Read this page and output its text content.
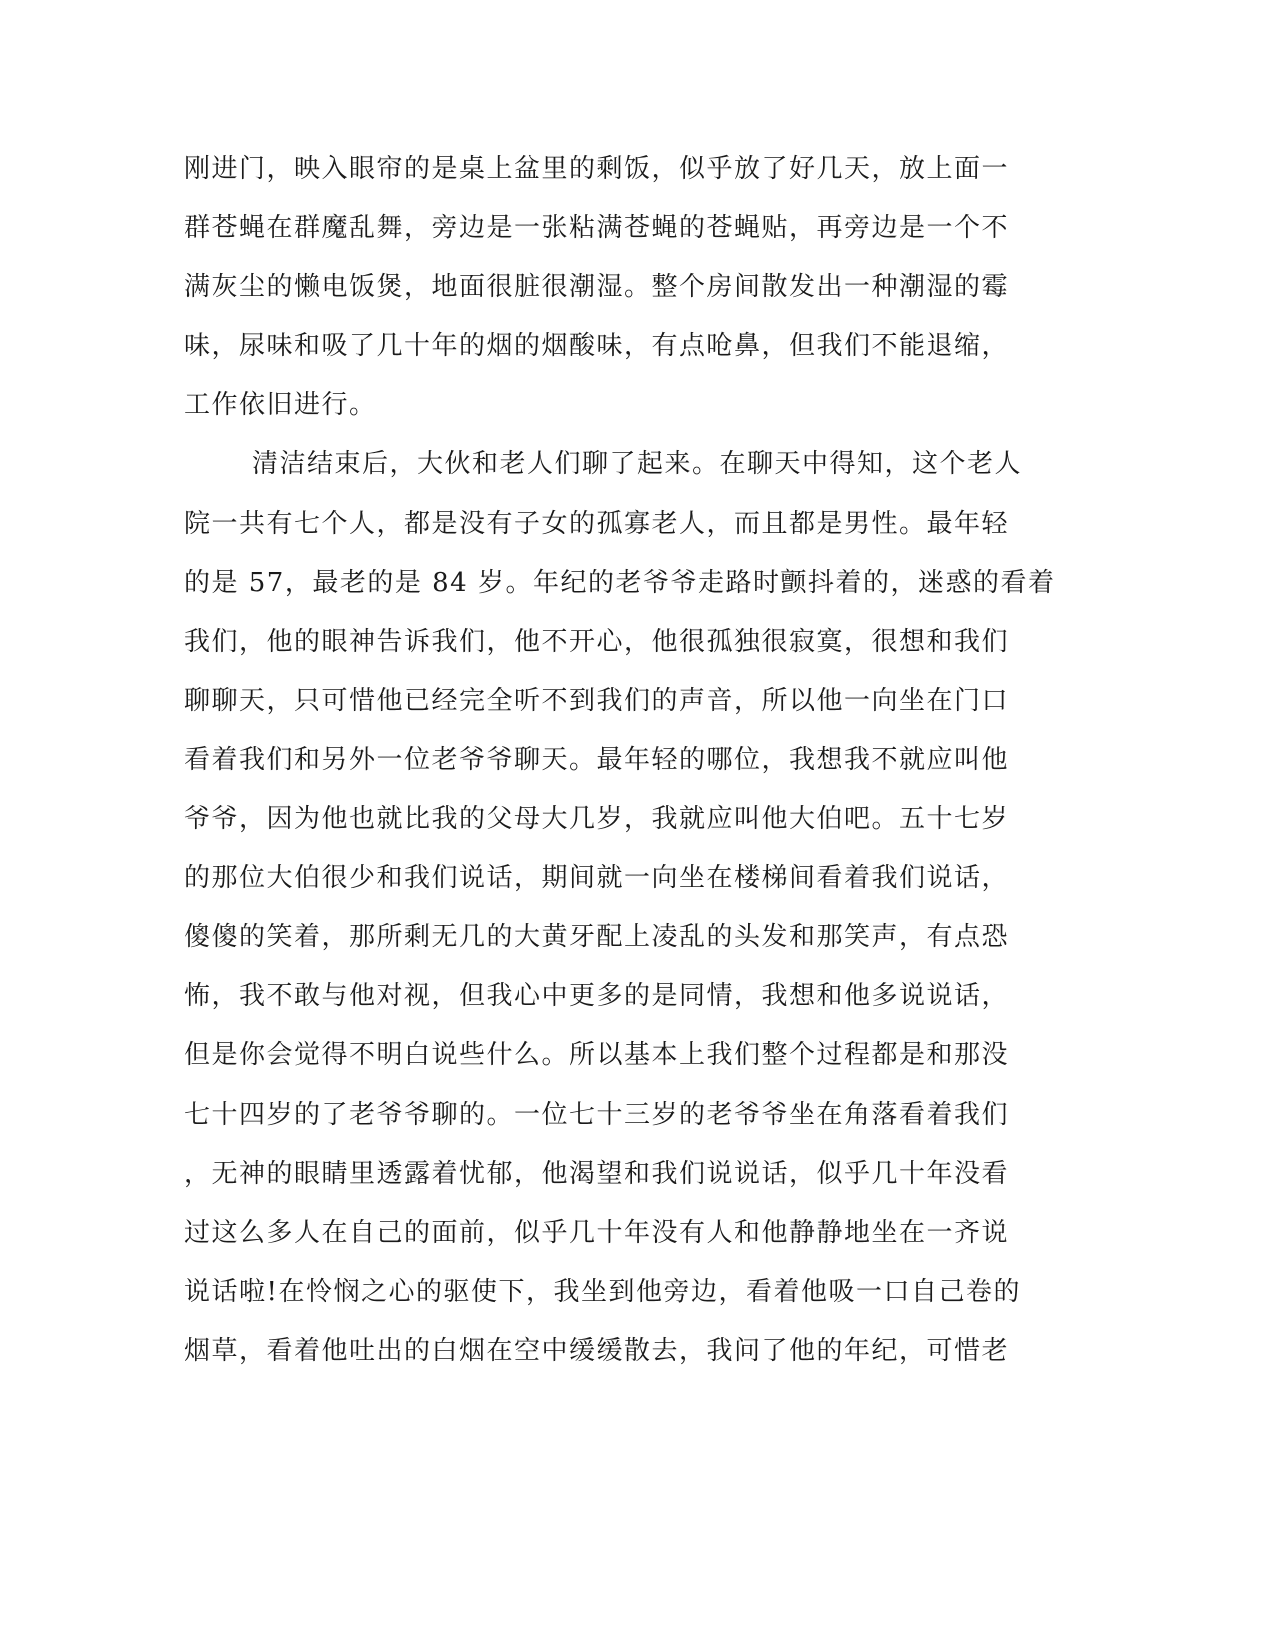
刚进门，映入眼帘的是桌上盆里的剩饭，似乎放了好几天，放上面一
群苍蝇在群魔乱舞，旁边是一张粘满苍蝇的苍蝇贴，再旁边是一个不
满灰尘的懒电饭煲，地面很脏很潮湿。整个房间散发出一种潮湿的霉
味，尿味和吸了几十年的烟的烟酸味，有点呛鼻，但我们不能退缩，
工作依旧进行。
清洁结束后，大伙和老人们聊了起来。在聊天中得知，这个老人
院一共有七个人，都是没有子女的孤寡老人，而且都是男性。最年轻
的是 57，最老的是 84 岁。年纪的老爷爷走路时颤抖着的，迷惑的看着
我们，他的眼神告诉我们，他不开心，他很孤独很寂寞，很想和我们
聊聊天，只可惜他已经完全听不到我们的声音，所以他一向坐在门口
看着我们和另外一位老爷爷聊天。最年轻的哪位，我想我不就应叫他
爷爷，因为他也就比我的父母大几岁，我就应叫他大伯吧。五十七岁
的那位大伯很少和我们说话，期间就一向坐在楼梯间看着我们说话，
傻傻的笑着，那所剩无几的大黄牙配上凌乱的头发和那笑声，有点恐
怖，我不敢与他对视，但我心中更多的是同情，我想和他多说说话，
但是你会觉得不明白说些什么。所以基本上我们整个过程都是和那没
七十四岁的了老爷爷聊的。一位七十三岁的老爷爷坐在角落看着我们
，无神的眼睛里透露着忧郁，他渴望和我们说说话，似乎几十年没看
过这么多人在自己的面前，似乎几十年没有人和他静静地坐在一齐说
说话啦!在怜悯之心的驱使下，我坐到他旁边，看着他吸一口自己卷的
烟草，看着他吐出的白烟在空中缓缓散去，我问了他的年纪，可惜老
